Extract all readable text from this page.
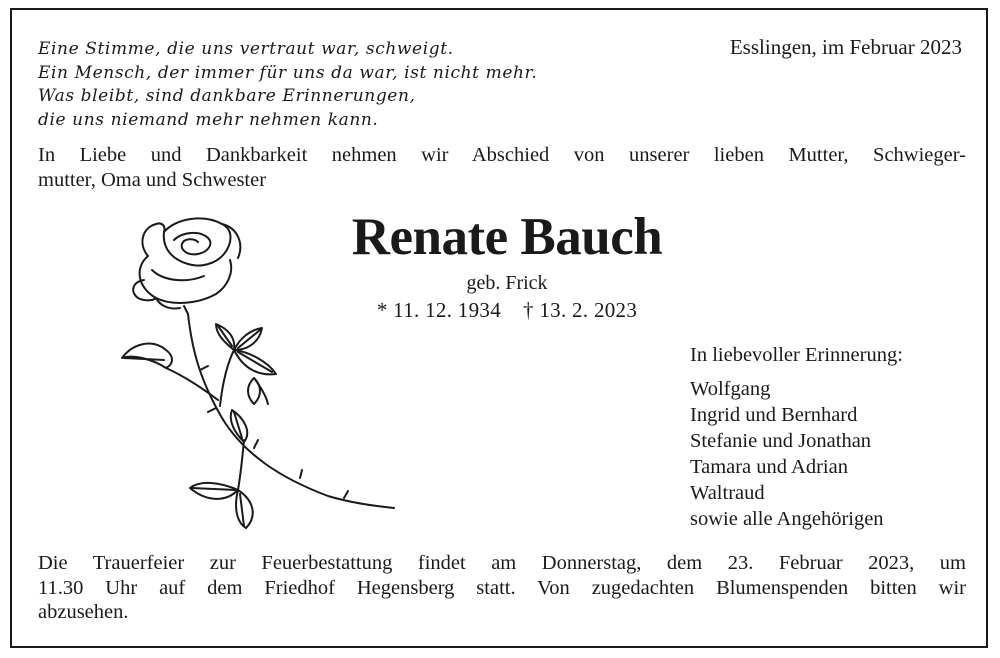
Eine Stimme, die uns vertraut war, schweigt.
Ein Mensch, der immer für uns da war, ist nicht mehr.
Was bleibt, sind dankbare Erinnerungen,
die uns niemand mehr nehmen kann.
Esslingen, im Februar 2023
In Liebe und Dankbarkeit nehmen wir Abschied von unserer lieben Mutter, Schwieger-
mutter, Oma und Schwester
Renate Bauch
geb. Frick
* 11. 12. 1934 † 13. 2. 2023
In liebevoller Erinnerung:
Wolfgang
Ingrid und Bernhard
Stefanie und Jonathan
Tamara und Adrian
Waltraud
sowie alle Angehörigen
Die Trauerfeier zur Feuerbestattung findet am Donnerstag, dem 23. Februar 2023, um
11.30 Uhr auf dem Friedhof Hegensberg statt. Von zugedachten Blumenspenden bitten wir
abzusehen.
